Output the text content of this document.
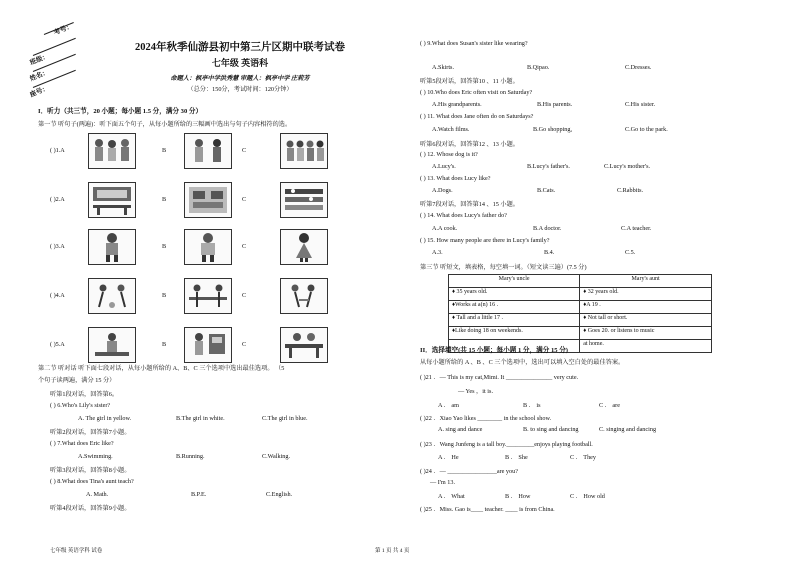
考号：
班级：
姓名：
座号：
2024年秋季仙游县初中第三片区期中联考试卷
七年级 英语科
命题人：枫亭中学洪秀慧 审题人：枫亭中学 庄莉芳
（总分：150分，考试时间：120分钟）
I．听力（共三节，20 小题；每小题 1.5 分，满分 30 分）
第一节 听句子(两遍)：听下面五个句子，从每小题所给的三幅画中选出与句子内容相符的选。
( )1.A	B	C
( )2.A	B	C
( )3.A	B	C
( )4.A	B	C
( )5.A	B	C
第二节 听对话 听下面七段对话，从每小题所给的 A、B、C 三个选项中选出最佳选项。 （5
个句子读两遍，满分 15 分）
听第1段对话，回答第6。
( ) 6.Who's Lily's sister?
A. The girl in yellow.	B.The girl in white.	C.The girl in blue.
听第2段对话，回答第7小题。
( ) 7.What does Eric like?
A.Swimming.	B.Running.	C.Walking.
听第3段对话，回答第8小题。
( ) 8.What does Tina's aunt teach?
A. Math.	B.P.E.	C.English.
听第4段对话，回答第9小题。
七年级 英语学科 试卷
( ) 9.What does Susan's sister like wearing?
A.Skirts.	B.Qipao.	C.Dresses.
听第5段对话，回答第10 、11 小题。
( ) 10.Who does Eric often visit on Saturday?
A.His grandparents.	B.His parents.	C.His sister.
( ) 11. What does Jane often do on Saturdays?
A.Watch films.	B.Go shopping,	C.Go to the park.
听第6段对话，回答第12 、13 小题。
( ) 12. Whose dog is it?
A.Lucy's.	B.Lucy's father's.	C.Lucy's mother's.
( ) 13. What does Lucy like?
A.Dogs.	B.Cats.	C.Rabbits.
听第7段对话，回答第14 、15 小题。
( ) 14. What does Lucy's father do?
A.A cook.	B.A doctor.	C.A teacher.
( ) 15. How many people are there in Lucy's family?
A.3.	B.4.	C.5.
第三节 听短文，填表格，每空填一词。（短文读三遍）(7.5 分)
Mary's uncle	Mary's aunt
♦ 35 years old.	♦ 32 years old.
♦Works at a(n) 16 .	♦A 19 .
♦ Tall and a little 17 .	♦ Not tall or short.
♦Like doing 18 on weekends.	♦ Goes 20. or listens to music
	at home.
II．选择填空(共 15 小题；每小题 1 分，满分 15 分)
从每小题所给的 A 、B 、C 三个选项中，选出可以填入空白处的最佳答案。
( )21 ．— This is my cat,Mimi. It _______________ very cute.
— Yes ，it is．
A ． am	B ． is	C ． are
( )22 ．Xiao Yao likes ________ in the school show.
A. sing and dance	B. to sing and dancing	C. singing and dancing
( )23 ．Wang Junfeng is a tall boy._________enjoys playing football.
A ． He	B ． She	C ． They
( )24 ．— ________________are you?
— I'm 13.
A ． What	B ． How	C ． How old
( )25 ．Miss. Gao is____ teacher. ____ is from China.
第 1 页 共 4 页
